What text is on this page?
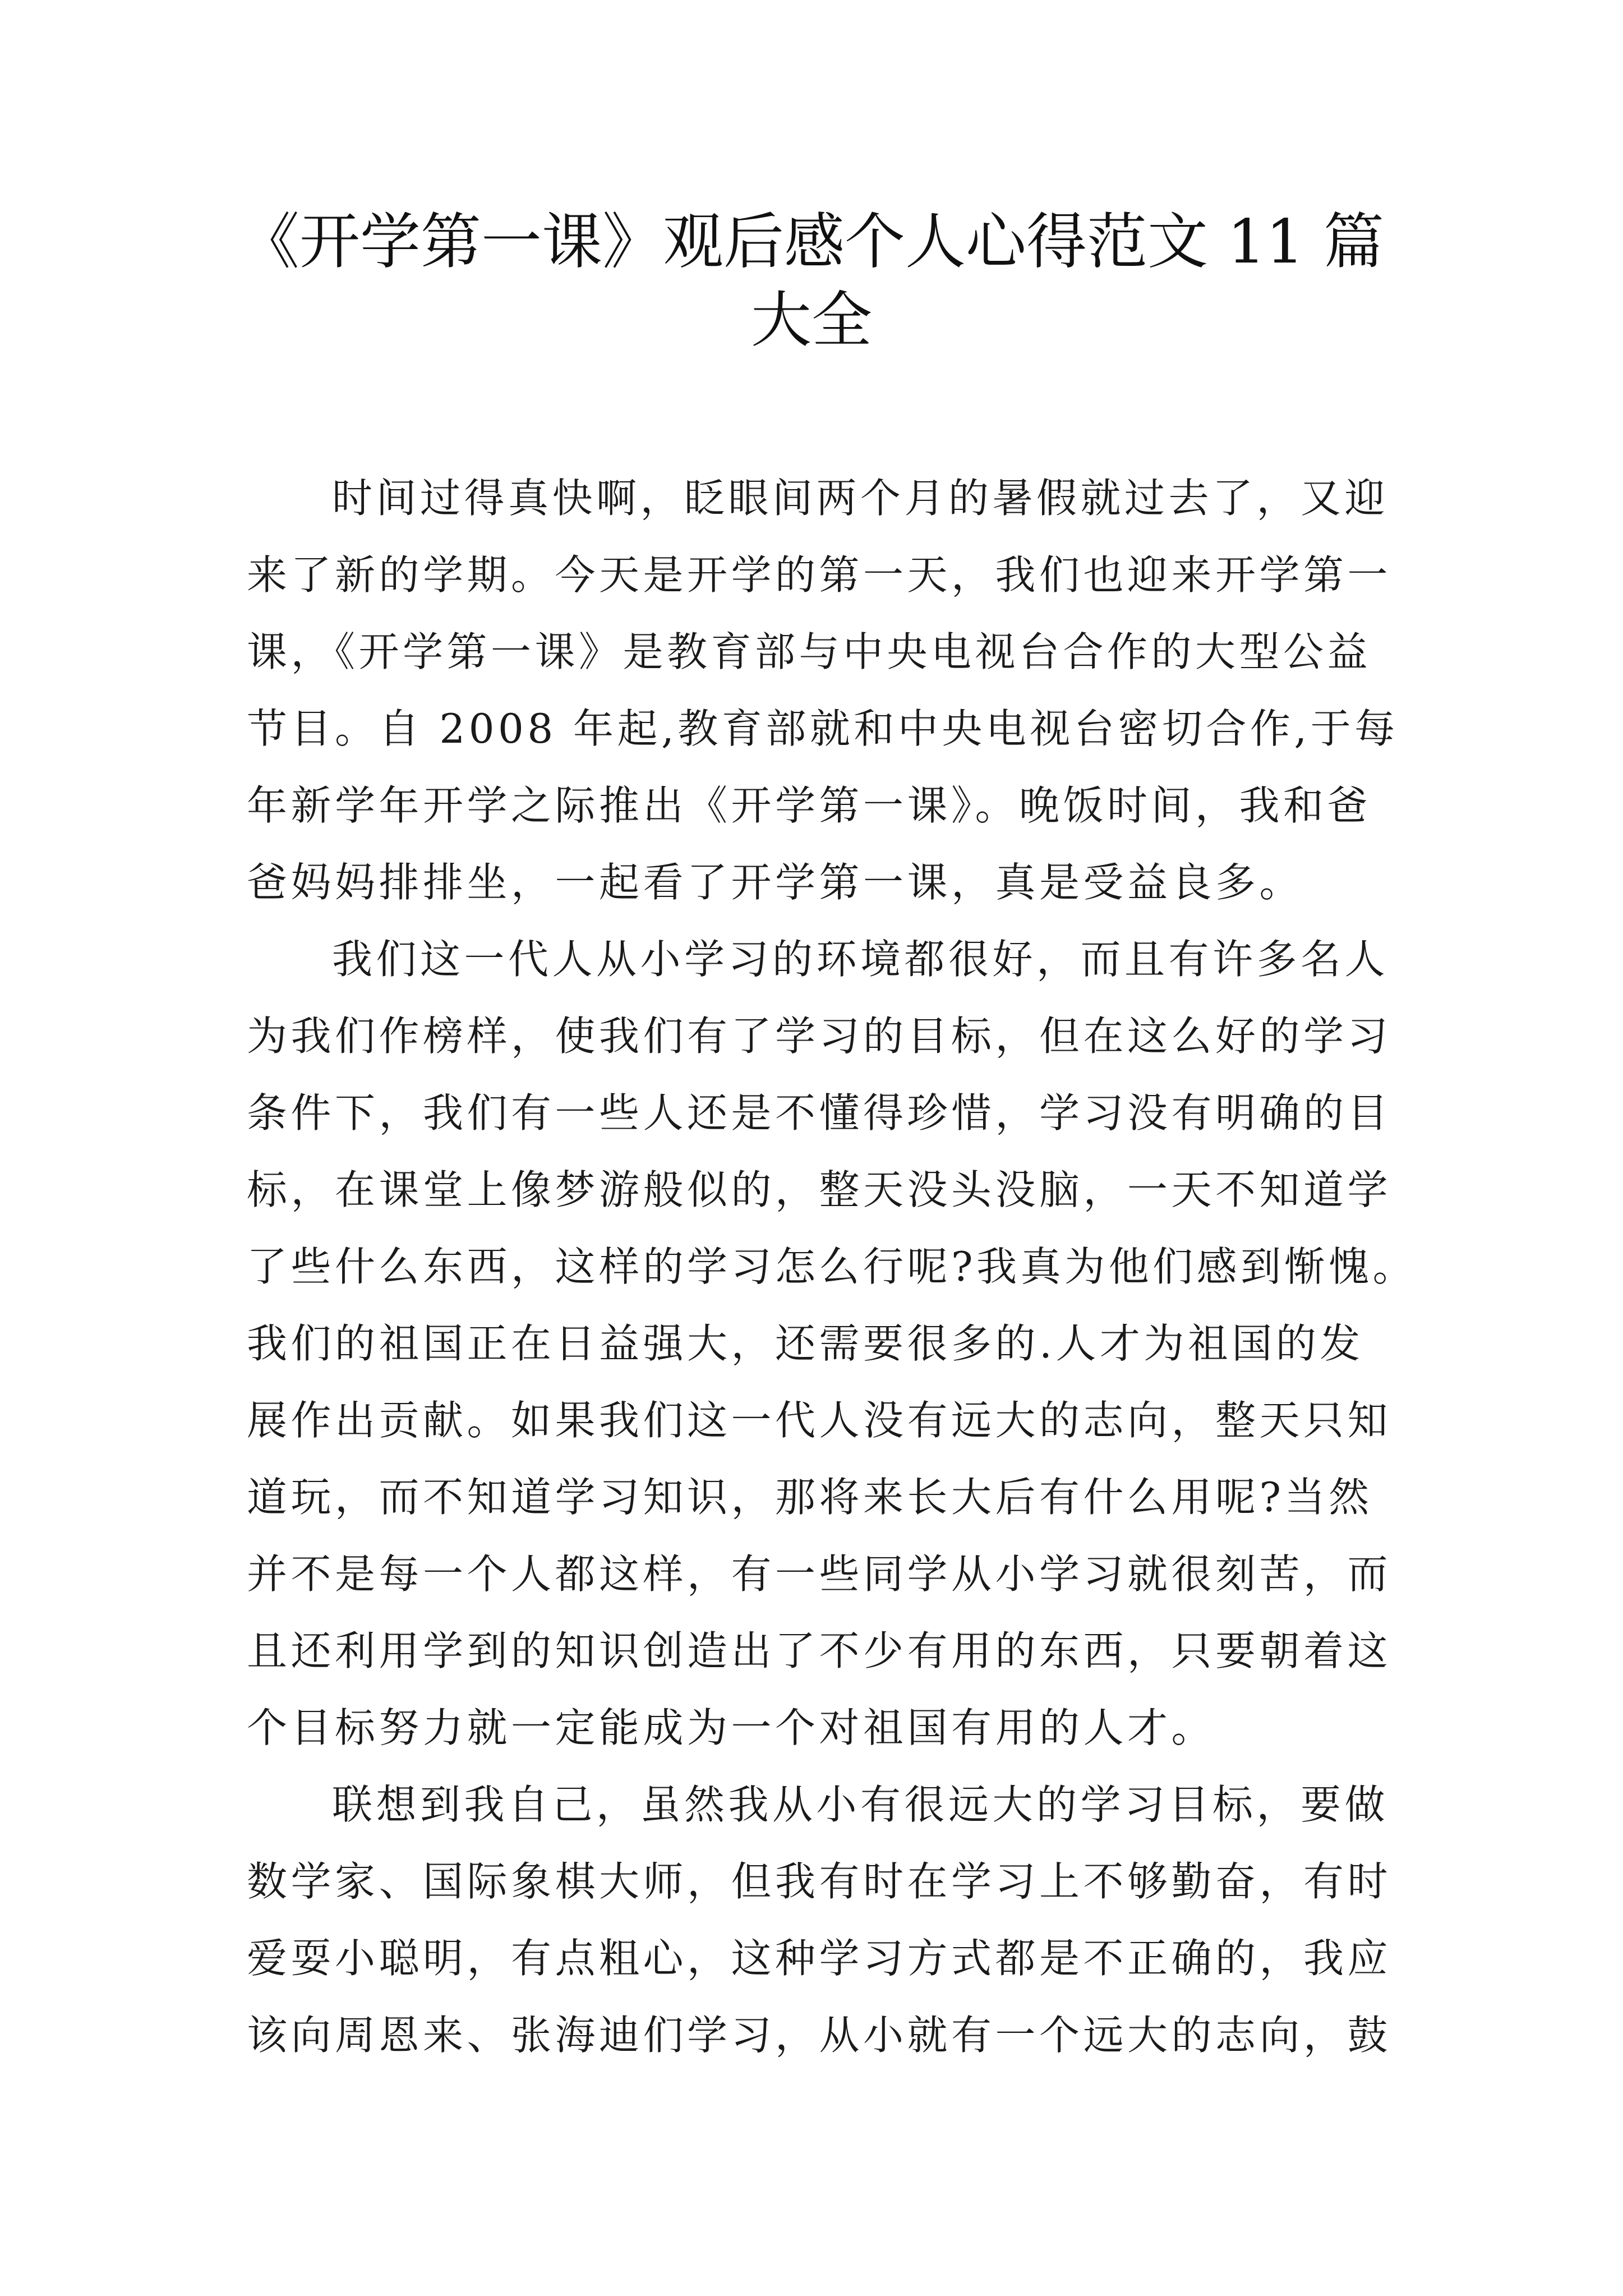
《开学第一课》观后感个人心得范文 11 篇
大全
时间过得真快啊，眨眼间两个月的暑假就过去了，又迎
来了新的学期。今天是开学的第一天，我们也迎来开学第一
课，《开学第一课》是教育部与中央电视台合作的大型公益
节目。自 2008 年起,教育部就和中央电视台密切合作,于每
年新学年开学之际推出《开学第一课》。晚饭时间，我和爸
爸妈妈排排坐，一起看了开学第一课，真是受益良多。
我们这一代人从小学习的环境都很好，而且有许多名人
为我们作榜样，使我们有了学习的目标，但在这么好的学习
条件下，我们有一些人还是不懂得珍惜，学习没有明确的目
标，在课堂上像梦游般似的，整天没头没脑，一天不知道学
了些什么东西，这样的学习怎么行呢?我真为他们感到惭愧。
我们的祖国正在日益强大，还需要很多的.人才为祖国的发
展作出贡献。如果我们这一代人没有远大的志向，整天只知
道玩，而不知道学习知识，那将来长大后有什么用呢?当然
并不是每一个人都这样，有一些同学从小学习就很刻苦，而
且还利用学到的知识创造出了不少有用的东西，只要朝着这
个目标努力就一定能成为一个对祖国有用的人才。
联想到我自己，虽然我从小有很远大的学习目标，要做
数学家、国际象棋大师，但我有时在学习上不够勤奋，有时
爱耍小聪明，有点粗心，这种学习方式都是不正确的，我应
该向周恩来、张海迪们学习，从小就有一个远大的志向，鼓
